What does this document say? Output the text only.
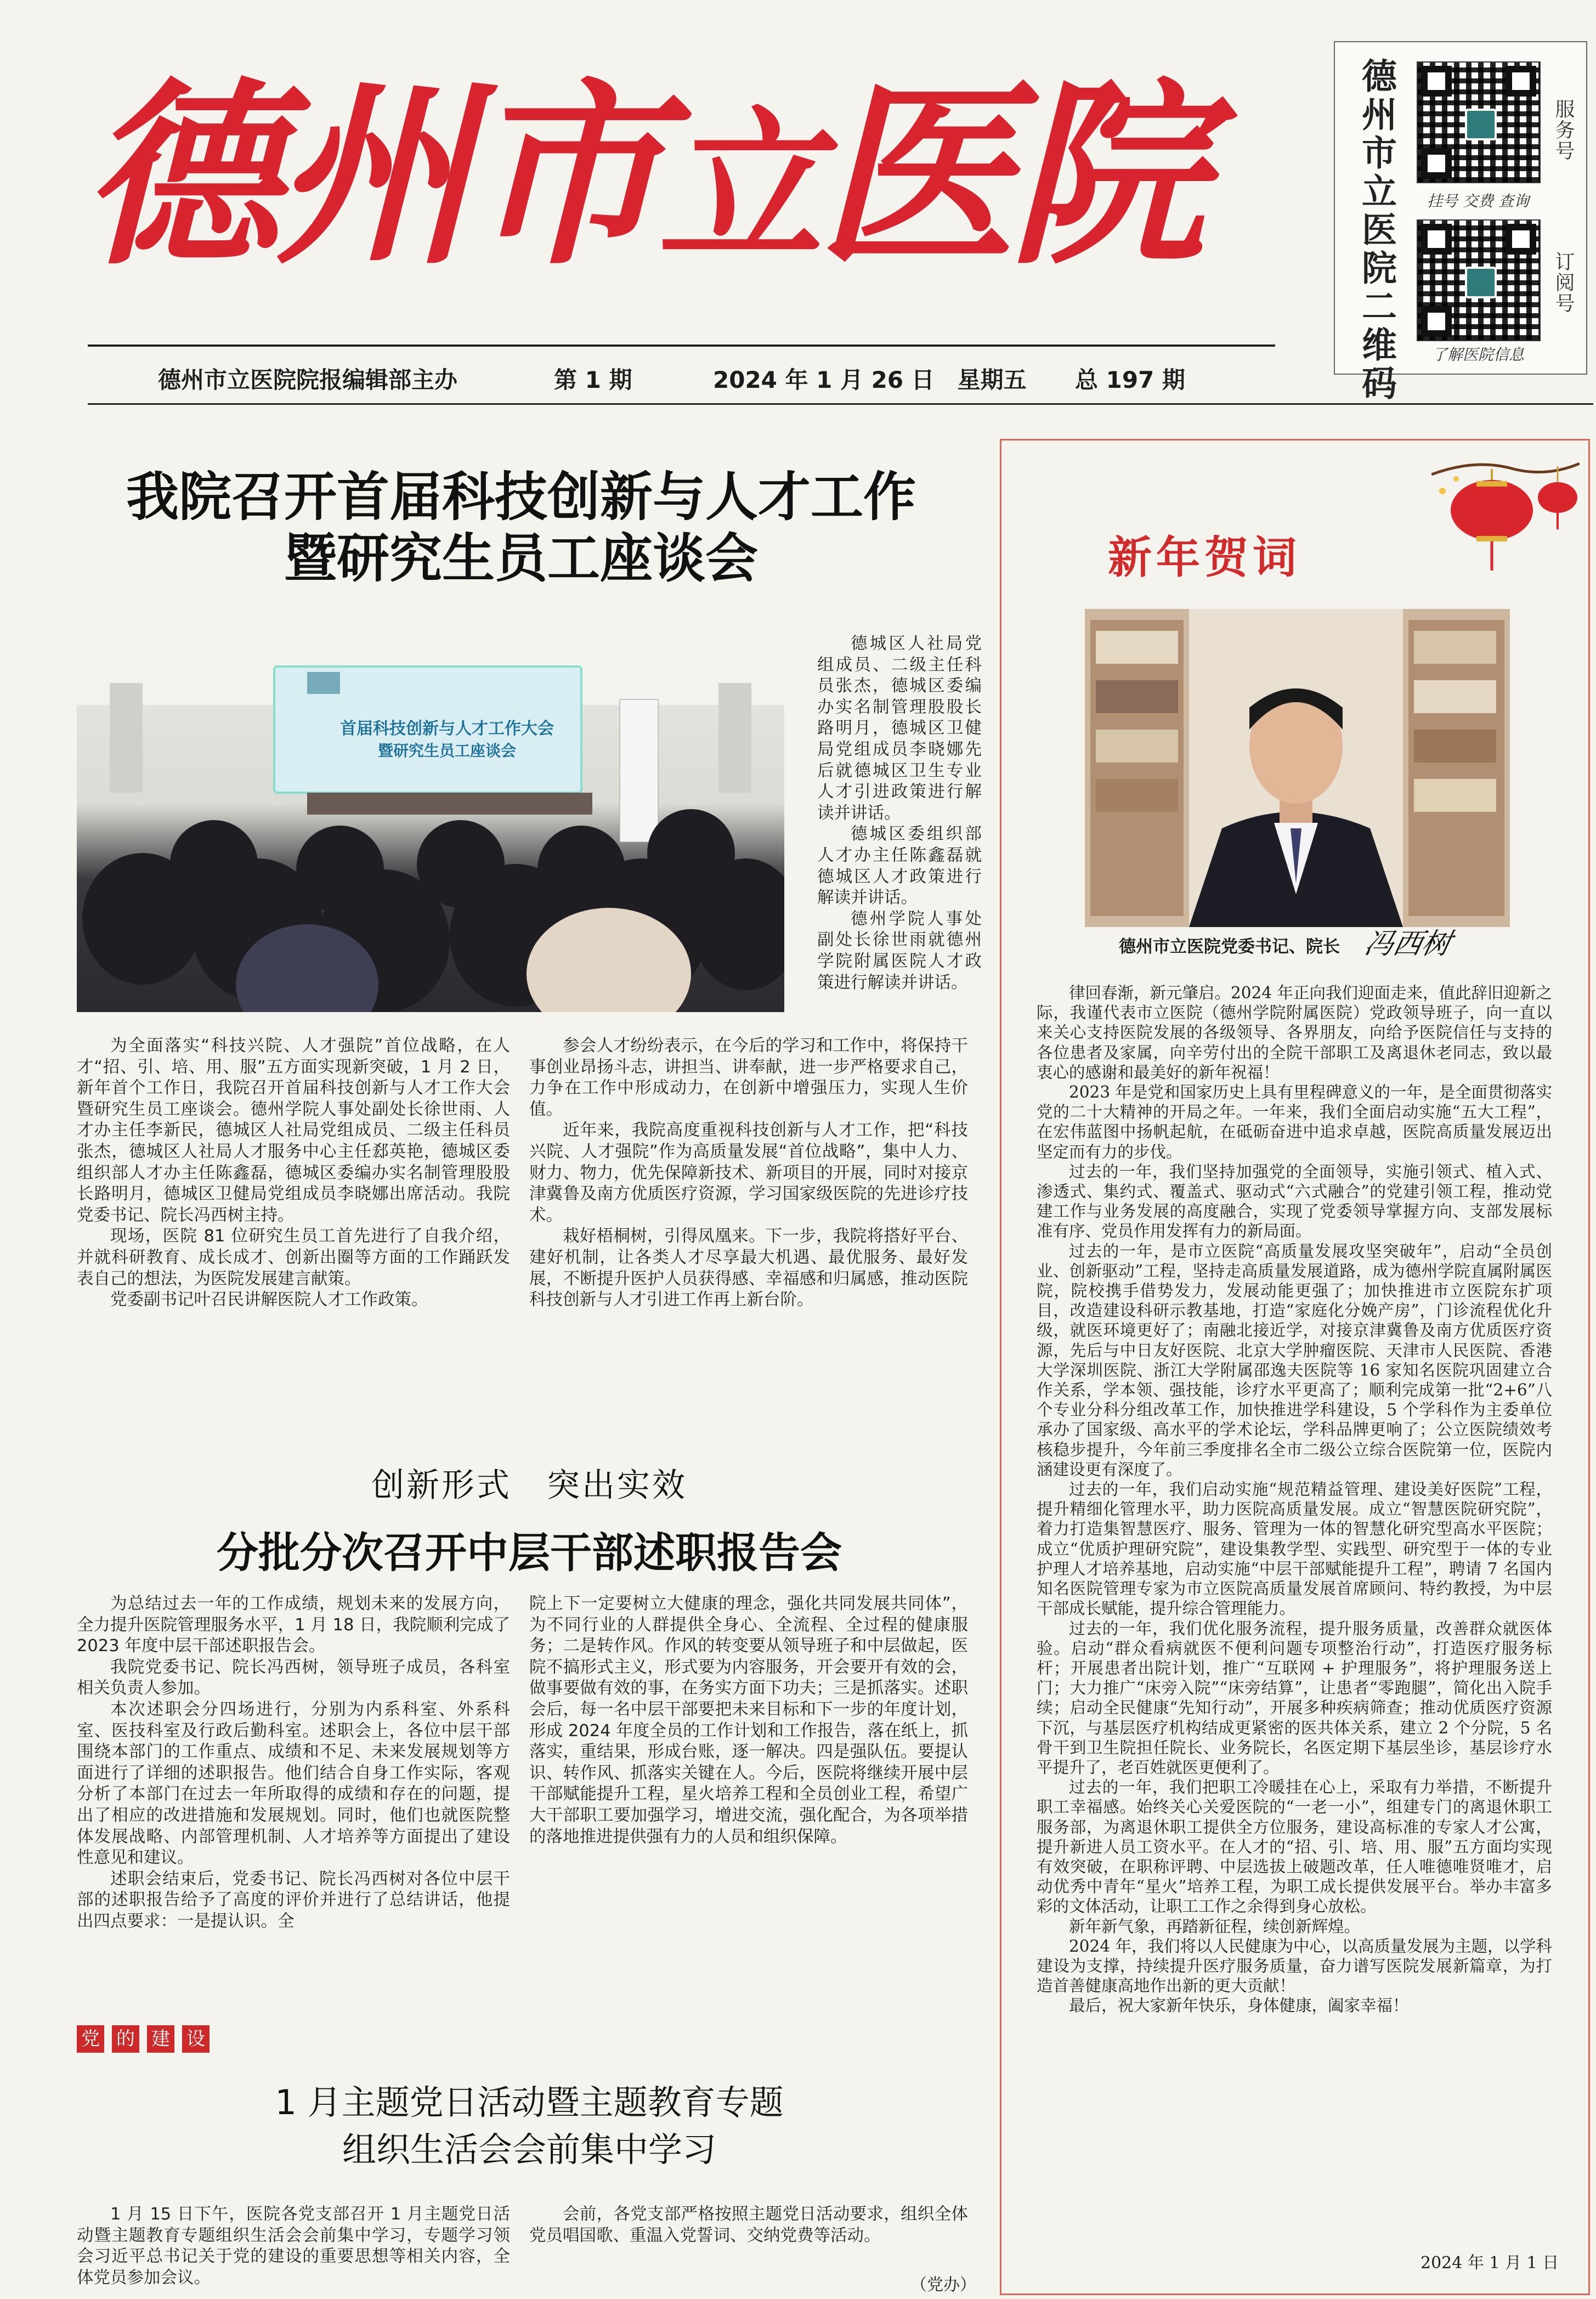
德州市立医院	德州市立医院二维码	服务号
挂号 交费 查询
订阅号
了解医院信息
德州市立医院院报编辑部主办	第 1 期	2024 年 1 月 26 日　星期五 总 197 期
我院召开首届科技创新与人才工作
暨研究生员工座谈会
首届科技创新与人才工作大会
暨研究生员工座谈会

德城区人社局党组成员、二级主任科员张杰，德城区委编办实名制管理股股长路明月，德城区卫健局党组成员李晓娜先后就德城区卫生专业人才引进政策进行解读并讲话。

德城区委组织部人才办主任陈鑫磊就德城区人才政策进行解读并讲话。

德州学院人事处副处长徐世雨就德州学院附属医院人才政策进行解读并讲话。

为全面落实“科技兴院、人才强院”首位战略，在人才“招、引、培、用、服”五方面实现新突破，1 月 2 日，新年首个工作日，我院召开首届科技创新与人才工作大会暨研究生员工座谈会。德州学院人事处副处长徐世雨、人才办主任李新民，德城区人社局党组成员、二级主任科员张杰，德城区人社局人才服务中心主任郄英艳，德城区委组织部人才办主任陈鑫磊，德城区委编办实名制管理股股长路明月，德城区卫健局党组成员李晓娜出席活动。我院党委书记、院长冯西树主持。

现场，医院 81 位研究生员工首先进行了自我介绍，并就科研教育、成长成才、创新出圈等方面的工作踊跃发表自己的想法，为医院发展建言献策。

党委副书记叶召民讲解医院人才工作政策。

参会人才纷纷表示，在今后的学习和工作中，将保持干事创业昂扬斗志，讲担当、讲奉献，进一步严格要求自己，力争在工作中形成动力，在创新中增强压力，实现人生价值。

近年来，我院高度重视科技创新与人才工作，把“科技兴院、人才强院”作为高质量发展“首位战略”，集中人力、财力、物力，优先保障新技术、新项目的开展，同时对接京津冀鲁及南方优质医疗资源，学习国家级医院的先进诊疗技术。

栽好梧桐树，引得凤凰来。下一步，我院将搭好平台、建好机制，让各类人才尽享最大机遇、最优服务、最好发展，不断提升医护人员获得感、幸福感和归属感，推动医院科技创新与人才引进工作再上新台阶。

创新形式　突出实效
分批分次召开中层干部述职报告会

为总结过去一年的工作成绩，规划未来的发展方向，全力提升医院管理服务水平，1 月 18 日，我院顺利完成了 2023 年度中层干部述职报告会。

我院党委书记、院长冯西树，领导班子成员，各科室相关负责人参加。

本次述职会分四场进行，分别为内系科室、外系科室、医技科室及行政后勤科室。述职会上，各位中层干部围绕本部门的工作重点、成绩和不足、未来发展规划等方面进行了详细的述职报告。他们结合自身工作实际，客观分析了本部门在过去一年所取得的成绩和存在的问题，提出了相应的改进措施和发展规划。同时，他们也就医院整体发展战略、内部管理机制、人才培养等方面提出了建设性意见和建议。

述职会结束后，党委书记、院长冯西树对各位中层干部的述职报告给予了高度的评价并进行了总结讲话，他提出四点要求：一是提认识。全

院上下一定要树立大健康的理念，强化共同发展共同体”，为不同行业的人群提供全身心、全流程、全过程的健康服务；二是转作风。作风的转变要从领导班子和中层做起，医院不搞形式主义，形式要为内容服务，开会要开有效的会，做事要做有效的事，在务实方面下功夫；三是抓落实。述职会后，每一名中层干部要把未来目标和下一步的年度计划，形成 2024 年度全员的工作计划和工作报告，落在纸上，抓落实，重结果，形成台账，逐一解决。四是强队伍。要提认识、转作风、抓落实关键在人。今后，医院将继续开展中层干部赋能提升工程，星火培养工程和全员创业工程，希望广大干部职工要加强学习，增进交流，强化配合，为各项举措的落地推进提供强有力的人员和组织保障。

党 的 建 设
1 月主题党日活动暨主题教育专题
组织生活会会前集中学习

1 月 15 日下午，医院各党支部召开 1 月主题党日活动暨主题教育专题组织生活会会前集中学习，专题学习领会习近平总书记关于党的建设的重要思想等相关内容，全体党员参加会议。

会前，各党支部严格按照主题党日活动要求，组织全体党员唱国歌、重温入党誓词、交纳党费等活动。

（党办）
新年贺词
德州市立医院党委书记、院长 冯西树

律回春渐，新元肇启。2024 年正向我们迎面走来，值此辞旧迎新之际，我谨代表市立医院（德州学院附属医院）党政领导班子，向一直以来关心支持医院发展的各级领导、各界朋友，向给予医院信任与支持的各位患者及家属，向辛劳付出的全院干部职工及离退休老同志，致以最衷心的感谢和最美好的新年祝福！

2023 年是党和国家历史上具有里程碑意义的一年，是全面贯彻落实党的二十大精神的开局之年。一年来，我们全面启动实施“五大工程”，在宏伟蓝图中扬帆起航，在砥砺奋进中追求卓越，医院高质量发展迈出坚定而有力的步伐。

过去的一年，我们坚持加强党的全面领导，实施引领式、植入式、渗透式、集约式、覆盖式、驱动式“六式融合”的党建引领工程，推动党建工作与业务发展的高度融合，实现了党委领导掌握方向、支部发展标准有序、党员作用发挥有力的新局面。

过去的一年，是市立医院“高质量发展攻坚突破年”，启动“全员创业、创新驱动”工程，坚持走高质量发展道路，成为德州学院直属附属医院，院校携手借势发力，发展动能更强了；加快推进市立医院东扩项目，改造建设科研示教基地，打造“家庭化分娩产房”，门诊流程优化升级，就医环境更好了；南融北接近学，对接京津冀鲁及南方优质医疗资源，先后与中日友好医院、北京大学肿瘤医院、天津市人民医院、香港大学深圳医院、浙江大学附属邵逸夫医院等 16 家知名医院巩固建立合作关系，学本领、强技能，诊疗水平更高了；顺利完成第一批“2+6”八个专业分科分组改革工作，加快推进学科建设，5 个学科作为主委单位承办了国家级、高水平的学术论坛，学科品牌更响了；公立医院绩效考核稳步提升，今年前三季度排名全市二级公立综合医院第一位，医院内涵建设更有深度了。

过去的一年，我们启动实施“规范精益管理、建设美好医院”工程，提升精细化管理水平，助力医院高质量发展。成立“智慧医院研究院”，着力打造集智慧医疗、服务、管理为一体的智慧化研究型高水平医院；成立“优质护理研究院”，建设集教学型、实践型、研究型于一体的专业护理人才培养基地，启动实施“中层干部赋能提升工程”，聘请 7 名国内知名医院管理专家为市立医院高质量发展首席顾问、特约教授，为中层干部成长赋能，提升综合管理能力。

过去的一年，我们优化服务流程，提升服务质量，改善群众就医体验。启动“群众看病就医不便利问题专项整治行动”，打造医疗服务标杆；开展患者出院计划，推广“互联网 + 护理服务”，将护理服务送上门；大力推广“床旁入院”“床旁结算”，让患者“零跑腿”，简化出入院手续；启动全民健康“先知行动”，开展多种疾病筛查；推动优质医疗资源下沉，与基层医疗机构结成更紧密的医共体关系，建立 2 个分院，5 名骨干到卫生院担任院长、业务院长，名医定期下基层坐诊，基层诊疗水平提升了，老百姓就医更便利了。

过去的一年，我们把职工冷暖挂在心上，采取有力举措，不断提升职工幸福感。始终关心关爱医院的“一老一小”，组建专门的离退休职工服务部，为离退休职工提供全方位服务，建设高标准的专家人才公寓，提升新进人员工资水平。在人才的“招、引、培、用、服”五方面均实现有效突破，在职称评聘、中层选拔上破题改革，任人唯德唯贤唯才，启动优秀中青年“星火”培养工程，为职工成长提供发展平台。举办丰富多彩的文体活动，让职工工作之余得到身心放松。

新年新气象，再踏新征程，续创新辉煌。

2024 年，我们将以人民健康为中心，以高质量发展为主题，以学科建设为支撑，持续提升医疗服务质量，奋力谱写医院发展新篇章，为打造首善健康高地作出新的更大贡献！

最后，祝大家新年快乐，身体健康，阖家幸福！

2024 年 1 月 1 日
